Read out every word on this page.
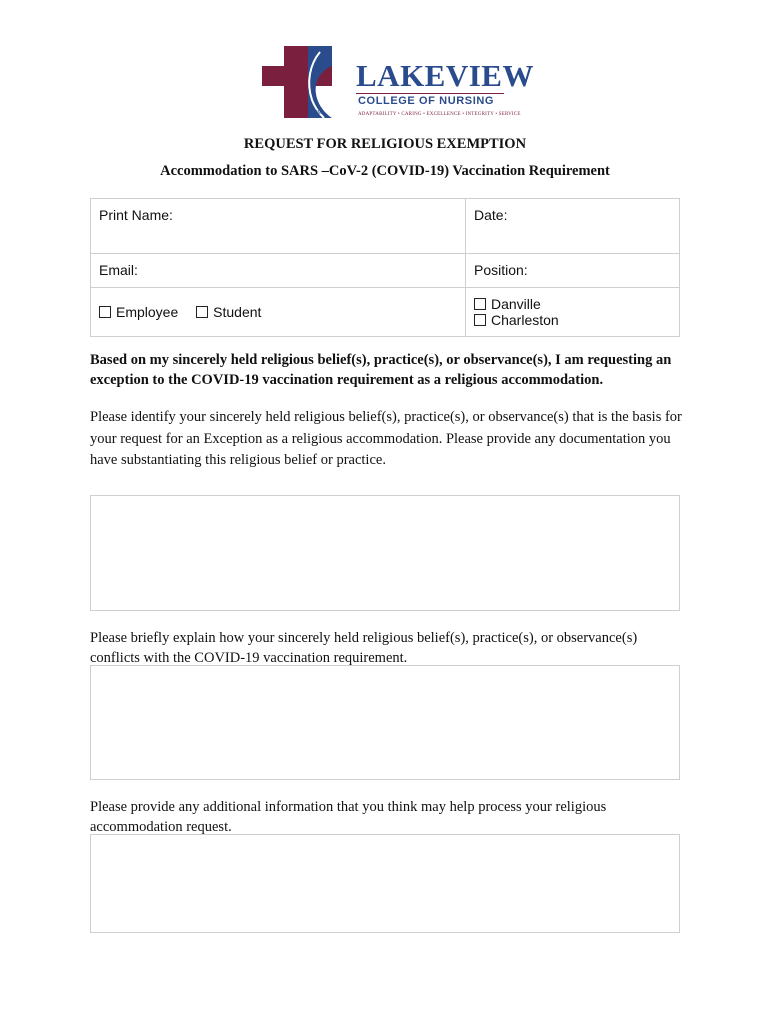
SM
LAKEVIEW
COLLEGE OF NURSING
ADAPTABILITY • CARING • EXCELLENCE • INTEGRITY • SERVICE
REQUEST FOR RELIGIOUS EXEMPTION
Accommodation to SARS –CoV-2 (COVID-19) Vaccination Requirement
Print Name:	Date:
Email:	Position:
Employee Student	Danville Charleston
Based on my sincerely held religious belief(s), practice(s), or observance(s), I am requesting an exception to the COVID-19 vaccination requirement as a religious accommodation.
Please identify your sincerely held religious belief(s), practice(s), or observance(s) that is the basis for your request for an Exception as a religious accommodation. Please provide any documentation you have substantiating this religious belief or practice.
Please briefly explain how your sincerely held religious belief(s), practice(s), or observance(s) conflicts with the COVID-19 vaccination requirement.
Please provide any additional information that you think may help process your religious accommodation request.
